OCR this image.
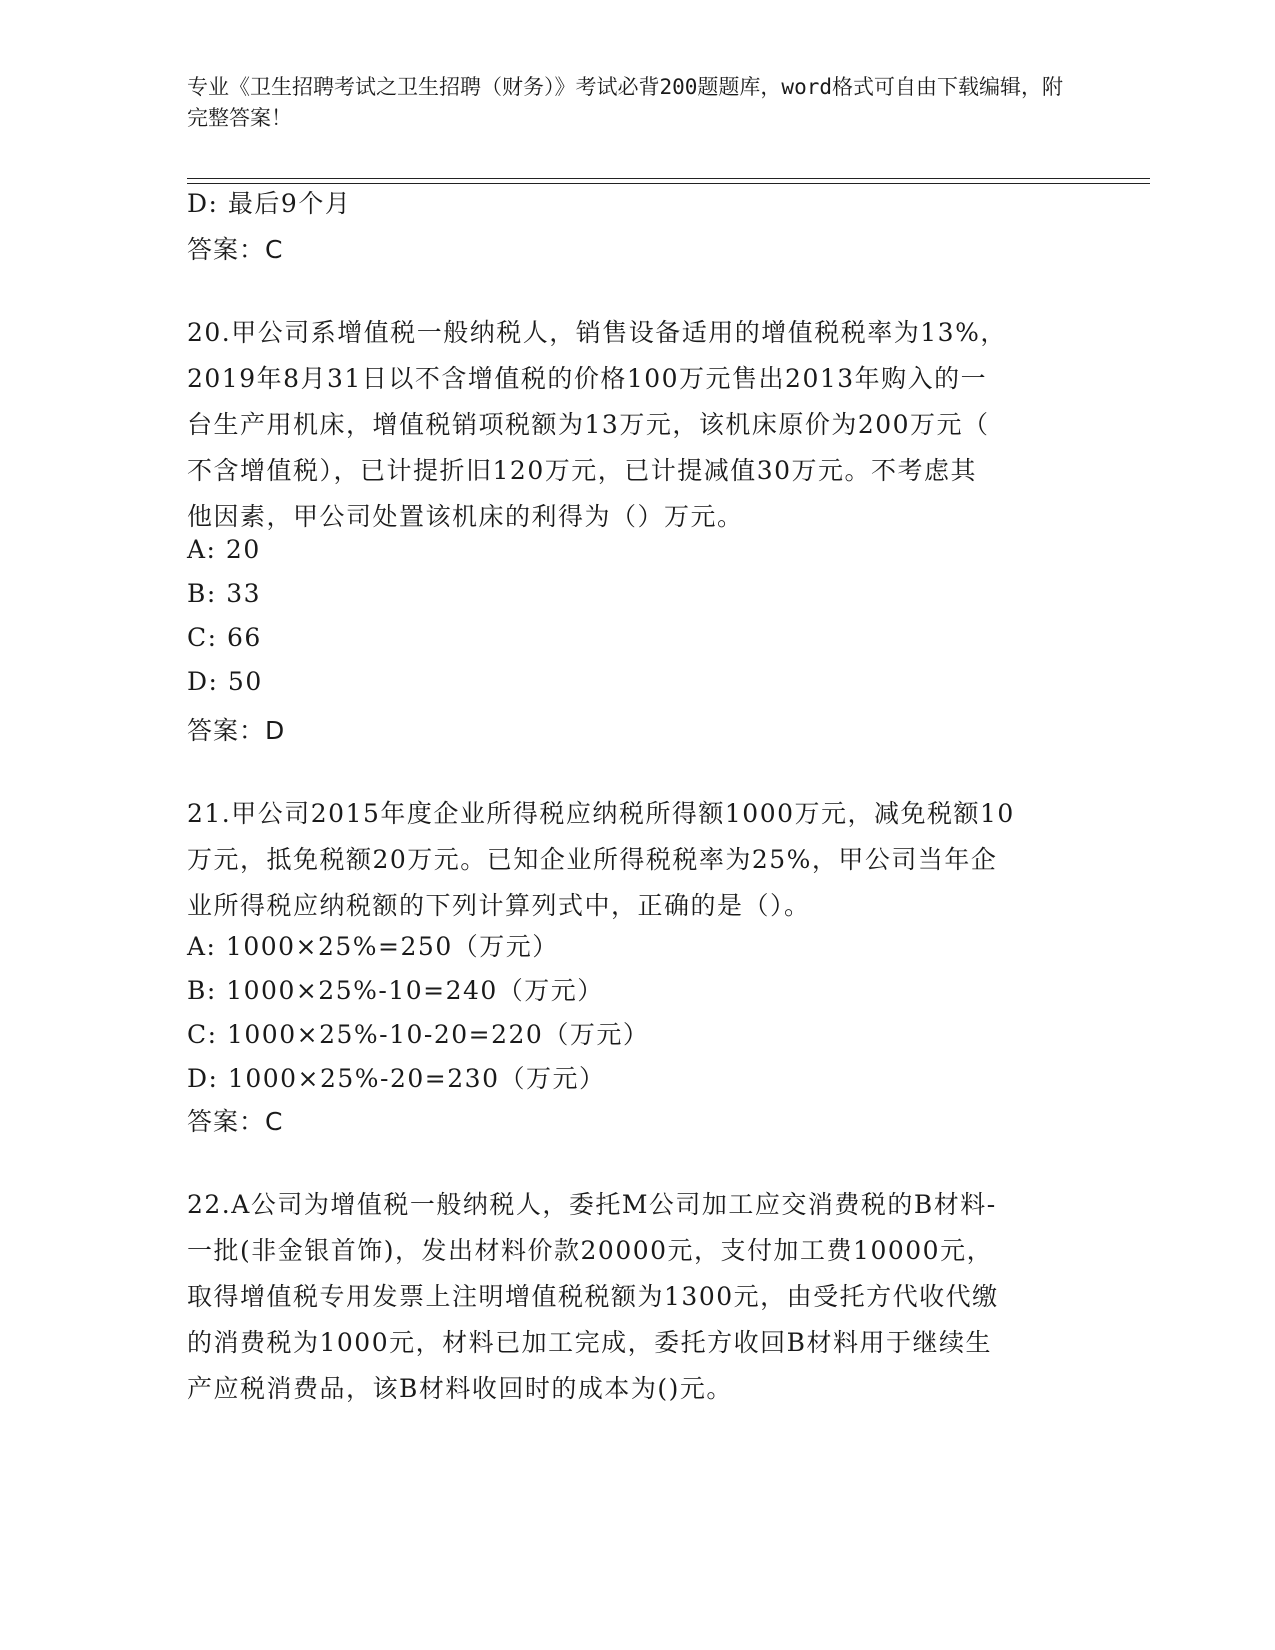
专业《卫生招聘考试之卫生招聘（财务）》考试必背200题题库，word格式可自由下载编辑，附完整答案！
D: 最后9个月
答案：C
20.甲公司系增值税一般纳税人，销售设备适用的增值税税率为13%，
2019年8月31日以不含增值税的价格100万元售出2013年购入的一
台生产用机床，增值税销项税额为13万元，该机床原价为200万元（
不含增值税），已计提折旧120万元，已计提减值30万元。不考虑其
他因素，甲公司处置该机床的利得为（）万元。
A: 20
B: 33
C: 66
D: 50
答案：D
21.甲公司2015年度企业所得税应纳税所得额1000万元，减免税额10
万元，抵免税额20万元。已知企业所得税税率为25%，甲公司当年企
业所得税应纳税额的下列计算列式中，正确的是（）。
A: 1000×25%=250（万元）
B: 1000×25%-10=240（万元）
C: 1000×25%-10-20=220（万元）
D: 1000×25%-20=230（万元）
答案：C
22.A公司为增值税一般纳税人，委托M公司加工应交消费税的B材料-
一批(非金银首饰)，发出材料价款20000元，支付加工费10000元，
取得增值税专用发票上注明增值税税额为1300元，由受托方代收代缴
的消费税为1000元，材料已加工完成，委托方收回B材料用于继续生
产应税消费品，该B材料收回时的成本为()元。
